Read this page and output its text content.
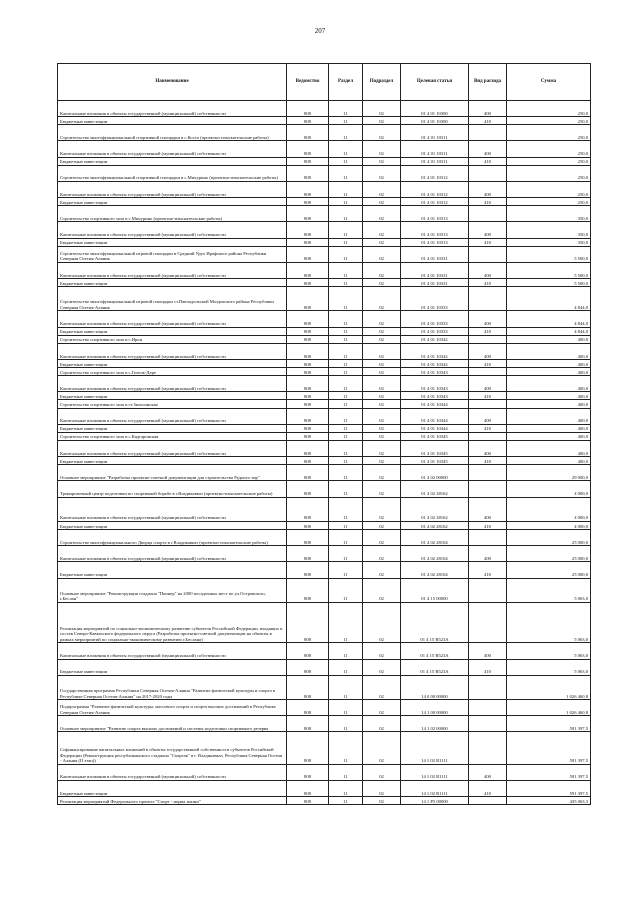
207
Наименование	Ведомство	Раздел	Подраздел	Целевая статья	Вид расхода	Сумма
Капитальные вложения в объекты государственной (муниципальной) собственности	808	11	02	01 4 01 10300	400	250,0
Бюджетные инвестиции	808	11	02	01 4 01 10300	410	250,0
Строительство многофункциональной спортивной площадки в с.Коста (проектно-изыскательские работы)	808	11	02	01 4 01 10311		250,0
Капитальные вложения в объекты государственной (муниципальной) собственности	808	11	02	01 4 01 10311	400	250,0
Бюджетные инвестиции	808	11	02	01 4 01 10311	410	250,0
Строительство многофункциональной спортивной площадки в с.Мичурино (проектно-изыскательские работы)	808	11	02	01 4 01 10312		250,0
Капитальные вложения в объекты государственной (муниципальной) собственности	808	11	02	01 4 01 10312	400	250,0
Бюджетные инвестиции	808	11	02	01 4 01 10312	410	250,0
Строительство спортивного зала в с.Мичурино (проектно-изыскательские работы)	808	11	02	01 4 01 10313		350,0
Капитальные вложения в объекты государственной (муниципальной) собственности	808	11	02	01 4 01 10313	400	350,0
Бюджетные инвестиции	808	11	02	01 4 01 10313	410	350,0
Строительство многофункциональной игровой площадки в Средний Урух Ирафского района Республики Северная Осетия-Алания	808	11	02	01 4 01 10331		5 500,0
Капитальные вложения в объекты государственной (муниципальной) собственности	808	11	02	01 4 01 10331	400	5 500,0
Бюджетные инвестиции	808	11	02	01 4 01 10331	410	5 500,0
Строительство многофункциональной игровой площадки ст.Павлодольской Моздокского района Республики Северная Осетия-Алания	808	11	02	01 4 01 10333		4 844,0
Капитальные вложения в объекты государственной (муниципальной) собственности	808	11	02	01 4 01 10333	400	4 844,0
Бюджетные инвестиции	808	11	02	01 4 01 10333	410	4 844,0
Строительство спортивного зала в с.Ирон	808	11	02	01 4 01 10342		400,0
Капитальные вложения в объекты государственной (муниципальной) собственности	808	11	02	01 4 01 10342	400	400,0
Бюджетные инвестиции	808	11	02	01 4 01 10342	410	400,0
Строительство спортивного зала в с.Гизель-Дере	808	11	02	01 4 01 10343		400,0
Капитальные вложения в объекты государственной (муниципальной) собственности	808	11	02	01 4 01 10343	400	400,0
Бюджетные инвестиции	808	11	02	01 4 01 10343	410	400,0
Строительство спортивного зала в ст.Зильгинская	808	11	02	01 4 01 10344		400,0
Капитальные вложения в объекты государственной (муниципальной) собственности	808	11	02	01 4 01 10344	400	400,0
Бюджетные инвестиции	808	11	02	01 4 01 10344	410	400,0
Строительство спортивного зала в с.Кадгаронская	808	11	02	01 4 01 10345		400,0
Капитальные вложения в объекты государственной (муниципальной) собственности	808	11	02	01 4 01 10345	400	400,0
Бюджетные инвестиции	808	11	02	01 4 01 10345	410	400,0
Основное мероприятие "Разработка проектно-сметной документации для строительства Рудного тир"	808	11	02	01 4 02 00000		29 000,0
Тренировочный центр подготовки по спортивной борьбе в г.Владикавказ (проектно-изыскательские работы)	808	11	02	01 4 02 28162		4 000,0
Капитальные вложения в объекты государственной (муниципальной) собственности	808	11	02	01 4 02 28162	400	4 000,0
Бюджетные инвестиции	808	11	02	01 4 02 28162	410	4 000,0
Строительство многофункционального Дворца спорта в г.Владикавказ (проектно-изыскательские работы)	808	11	02	01 4 02 28164		25 000,0
Капитальные вложения в объекты государственной (муниципальной) собственности	808	11	02	01 4 02 28164	400	25 000,0
Бюджетные инвестиции	808	11	02	01 4 02 28164	410	25 000,0
Основное мероприятие "Реконструкция стадиона "Пионер" на 2000 посадочных мест по ул.Островского, г.Беслан"	808	11	02	01 4 15 00000		5 063,0
Реализация мероприятий по социально-экономическому развитию субъектов Российской Федерации, входящих в состав Северо-Кавказского федерального округа (Разработка проектно-сметной документации на объекты в рамках мероприятий по социально-экономическому развитию г.Беслана)	808	11	02	01 4 15 R523A		5 063,0
Капитальные вложения в объекты государственной (муниципальной) собственности	808	11	02	01 4 15 R523A	400	5 063,0
Бюджетные инвестиции	808	11	02	01 4 15 R523A	410	5 063,0
Государственная программа Республики Северная Осетия-Алания "Развитие физической культуры и спорта в Республике Северная Осетия-Алания" на 2017-2020 годы	808	11	02	14 0 00 00000		1 026 460,8
Подпрограмма "Развитие физической культуры, массового спорта и спорта высших достижений в Республике Северная Осетия-Алания	808	11	02	14 1 00 00000		1 026 460,8
Основное мероприятие "Развитие спорта высших достижений и системы подготовки спортивного резерва	808	11	02	14 1 02 00000		591 397,5
Софинансирование капитальных вложений в объекты государственной собственности субъектов Российской Федерации (Реконструкция республиканского стадиона "Спартак" в г. Владикавказ, Республика Северная Осетия - Алания (II этап))	808	11	02	14 1 02 R1111		591 397,5
Капитальные вложения в объекты государственной (муниципальной) собственности	808	11	02	14 1 02 R1111	400	591 397,5
Бюджетные инвестиции	808	11	02	14 1 02 R1111	410	591 397,5
Реализация мероприятий Федерального проекта "Спорт - норма жизни"	808	11	02	14 1 P5 00000		435 063,3
